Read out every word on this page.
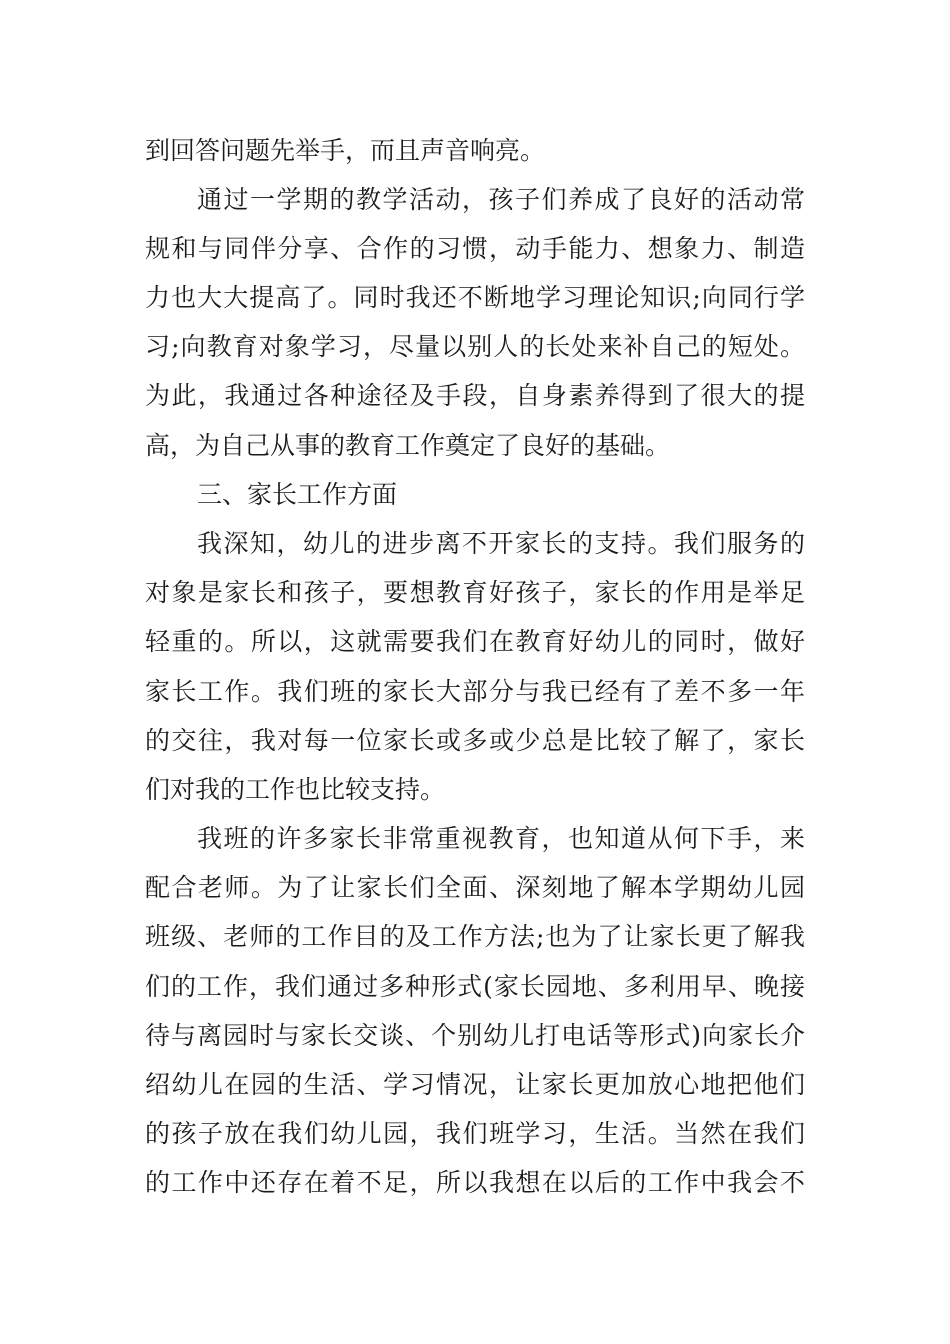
到回答问题先举手，而且声音响亮。
通过一学期的教学活动，孩子们养成了良好的活动常
规和与同伴分享、合作的习惯，动手能力、想象力、制造
力也大大提高了。同时我还不断地学习理论知识;向同行学
习;向教育对象学习，尽量以别人的长处来补自己的短处。
为此，我通过各种途径及手段，自身素养得到了很大的提
高，为自己从事的教育工作奠定了良好的基础。
三、家长工作方面
我深知，幼儿的进步离不开家长的支持。我们服务的
对象是家长和孩子，要想教育好孩子，家长的作用是举足
轻重的。所以，这就需要我们在教育好幼儿的同时，做好
家长工作。我们班的家长大部分与我已经有了差不多一年
的交往，我对每一位家长或多或少总是比较了解了，家长
们对我的工作也比较支持。
我班的许多家长非常重视教育，也知道从何下手，来
配合老师。为了让家长们全面、深刻地了解本学期幼儿园
班级、老师的工作目的及工作方法;也为了让家长更了解我
们的工作，我们通过多种形式(家长园地、多利用早、晚接
待与离园时与家长交谈、个别幼儿打电话等形式)向家长介
绍幼儿在园的生活、学习情况，让家长更加放心地把他们
的孩子放在我们幼儿园，我们班学习，生活。当然在我们
的工作中还存在着不足，所以我想在以后的工作中我会不
